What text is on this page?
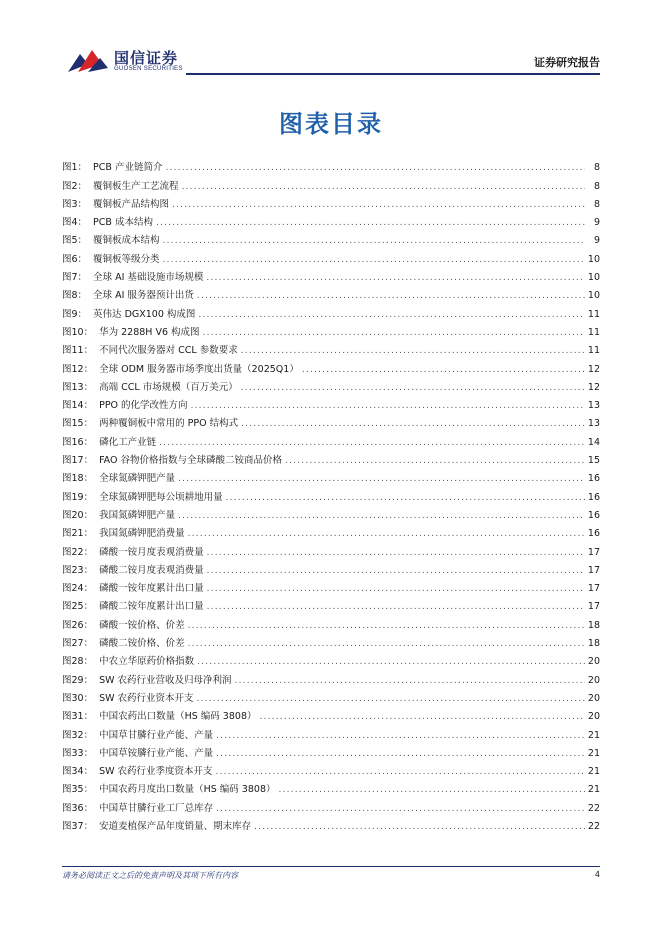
国信证券
GUOSEN SECURITIES	证券研究报告
图表目录
图1： PCB 产业链简介 .....	8
图2： 覆铜板生产工艺流程 .....	8
图3： 覆铜板产品结构图 .....	8
图4： PCB 成本结构 .....	9
图5： 覆铜板成本结构 .....	9
图6： 覆铜板等级分类 .....	10
图7： 全球 AI 基础设施市场规模 .....	10
图8： 全球 AI 服务器预计出货 .....	10
图9： 英伟达 DGX100 构成图 .....	11
图10： 华为 2288H V6 构成图 .....	11
图11： 不同代次服务器对 CCL 参数要求 .....	11
图12： 全球 ODM 服务器市场季度出货量（2025Q1） .....	12
图13： 高端 CCL 市场规模（百万美元） .....	12
图14： PPO 的化学改性方向 .....	13
图15： 两种覆铜板中常用的 PPO 结构式 .....	13
图16： 磷化工产业链 .....	14
图17： FAO 谷物价格指数与全球磷酸二铵商品价格 .....	15
图18： 全球氮磷钾肥产量 .....	16
图19： 全球氮磷钾肥每公顷耕地用量 .....	16
图20： 我国氮磷钾肥产量 .....	16
图21： 我国氮磷钾肥消费量 .....	16
图22： 磷酸一铵月度表观消费量 .....	17
图23： 磷酸二铵月度表观消费量 .....	17
图24： 磷酸一铵年度累计出口量 .....	17
图25： 磷酸二铵年度累计出口量 .....	17
图26： 磷酸一铵价格、价差 .....	18
图27： 磷酸二铵价格、价差 .....	18
图28： 中农立华原药价格指数 .....	20
图29： SW 农药行业营收及归母净利润 .....	20
图30： SW 农药行业资本开支 .....	20
图31： 中国农药出口数量（HS 编码 3808） .....	20
图32： 中国草甘膦行业产能、产量 .....	21
图33： 中国草铵膦行业产能、产量 .....	21
图34： SW 农药行业季度资本开支 .....	21
图35： 中国农药月度出口数量（HS 编码 3808） .....	21
图36： 中国草甘膦行业工厂总库存 .....	22
图37： 安道麦植保产品年度销量、期末库存 .....	22
请务必阅读正文之后的免责声明及其项下所有内容	4
